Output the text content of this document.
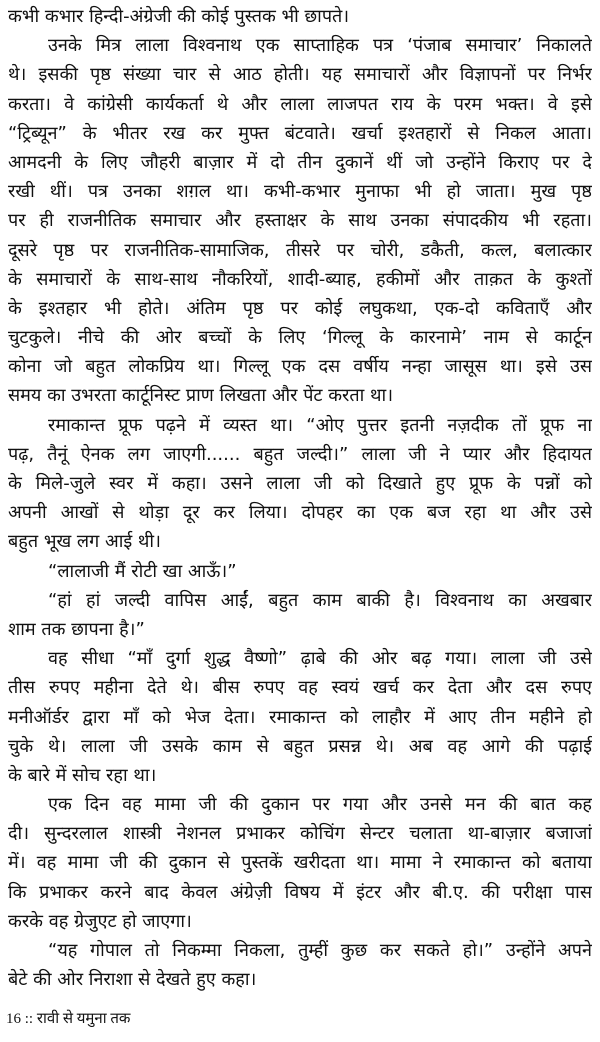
कभी कभार हिन्दी-अंग्रेजी की कोई पुस्तक भी छापते।
उनके मित्र लाला विश्वनाथ एक साप्ताहिक पत्र ‘पंजाब समाचार’ निकालते
थे। इसकी पृष्ठ संख्या चार से आठ होती। यह समाचारों और विज्ञापनों पर निर्भर
करता। वे कांग्रेसी कार्यकर्ता थे और लाला लाजपत राय के परम भक्त। वे इसे
“ट्रिब्यून” के भीतर रख कर मुफ्त बंटवाते। खर्चा इश्तहारों से निकल आता।
आमदनी के लिए जौहरी बाज़ार में दो तीन दुकानें थीं जो उन्होंने किराए पर दे
रखी थीं। पत्र उनका शग़ल था। कभी-कभार मुनाफा भी हो जाता। मुख पृष्ठ
पर ही राजनीतिक समाचार और हस्ताक्षर के साथ उनका संपादकीय भी रहता।
दूसरे पृष्ठ पर राजनीतिक-सामाजिक, तीसरे पर चोरी, डकैती, कत्ल, बलात्कार
के समाचारों के साथ-साथ नौकरियों, शादी-ब्याह, हकीमों और ताक़त के कुश्तों
के इश्तहार भी होते। अंतिम पृष्ठ पर कोई लघुकथा, एक-दो कविताएँ और
चुटकुले। नीचे की ओर बच्चों के लिए ‘गिल्लू के कारनामे’ नाम से कार्टून
कोना जो बहुत लोकप्रिय था। गिल्लू एक दस वर्षीय नन्हा जासूस था। इसे उस
समय का उभरता कार्टूनिस्ट प्राण लिखता और पेंट करता था।
रमाकान्त प्रूफ पढ़ने में व्यस्त था। “ओए पुत्तर इतनी नज़दीक तों प्रूफ ना
पढ़, तैनूं ऐनक लग जाएगी...... बहुत जल्दी।” लाला जी ने प्यार और हिदायत
के मिले-जुले स्वर में कहा। उसने लाला जी को दिखाते हुए प्रूफ के पन्नों को
अपनी आखों से थोड़ा दूर कर लिया। दोपहर का एक बज रहा था और उसे
बहुत भूख लग आई थी।
“लालाजी मैं रोटी खा आऊँ।”
“हां हां जल्दी वापिस आईं, बहुत काम बाकी है। विश्वनाथ का अखबार
शाम तक छापना है।”
वह सीधा “माँ दुर्गा शुद्ध वैष्णो” ढ़ाबे की ओर बढ़ गया। लाला जी उसे
तीस रुपए महीना देते थे। बीस रुपए वह स्वयं खर्च कर देता और दस रुपए
मनीऑर्डर द्वारा माँ को भेज देता। रमाकान्त को लाहौर में आए तीन महीने हो
चुके थे। लाला जी उसके काम से बहुत प्रसन्न थे। अब वह आगे की पढ़ाई
के बारे में सोच रहा था।
एक दिन वह मामा जी की दुकान पर गया और उनसे मन की बात कह
दी। सुन्दरलाल शास्त्री नेशनल प्रभाकर कोचिंग सेन्टर चलाता था-बाज़ार बजाजां
में। वह मामा जी की दुकान से पुस्तकें खरीदता था। मामा ने रमाकान्त को बताया
कि प्रभाकर करने बाद केवल अंग्रेज़ी विषय में इंटर और बी.ए. की परीक्षा पास
करके वह ग्रेजुएट हो जाएगा।
“यह गोपाल तो निकम्मा निकला, तुम्हीं कुछ कर सकते हो।” उन्होंने अपने
बेटे की ओर निराशा से देखते हुए कहा।
16 :: रावी से यमुना तक
